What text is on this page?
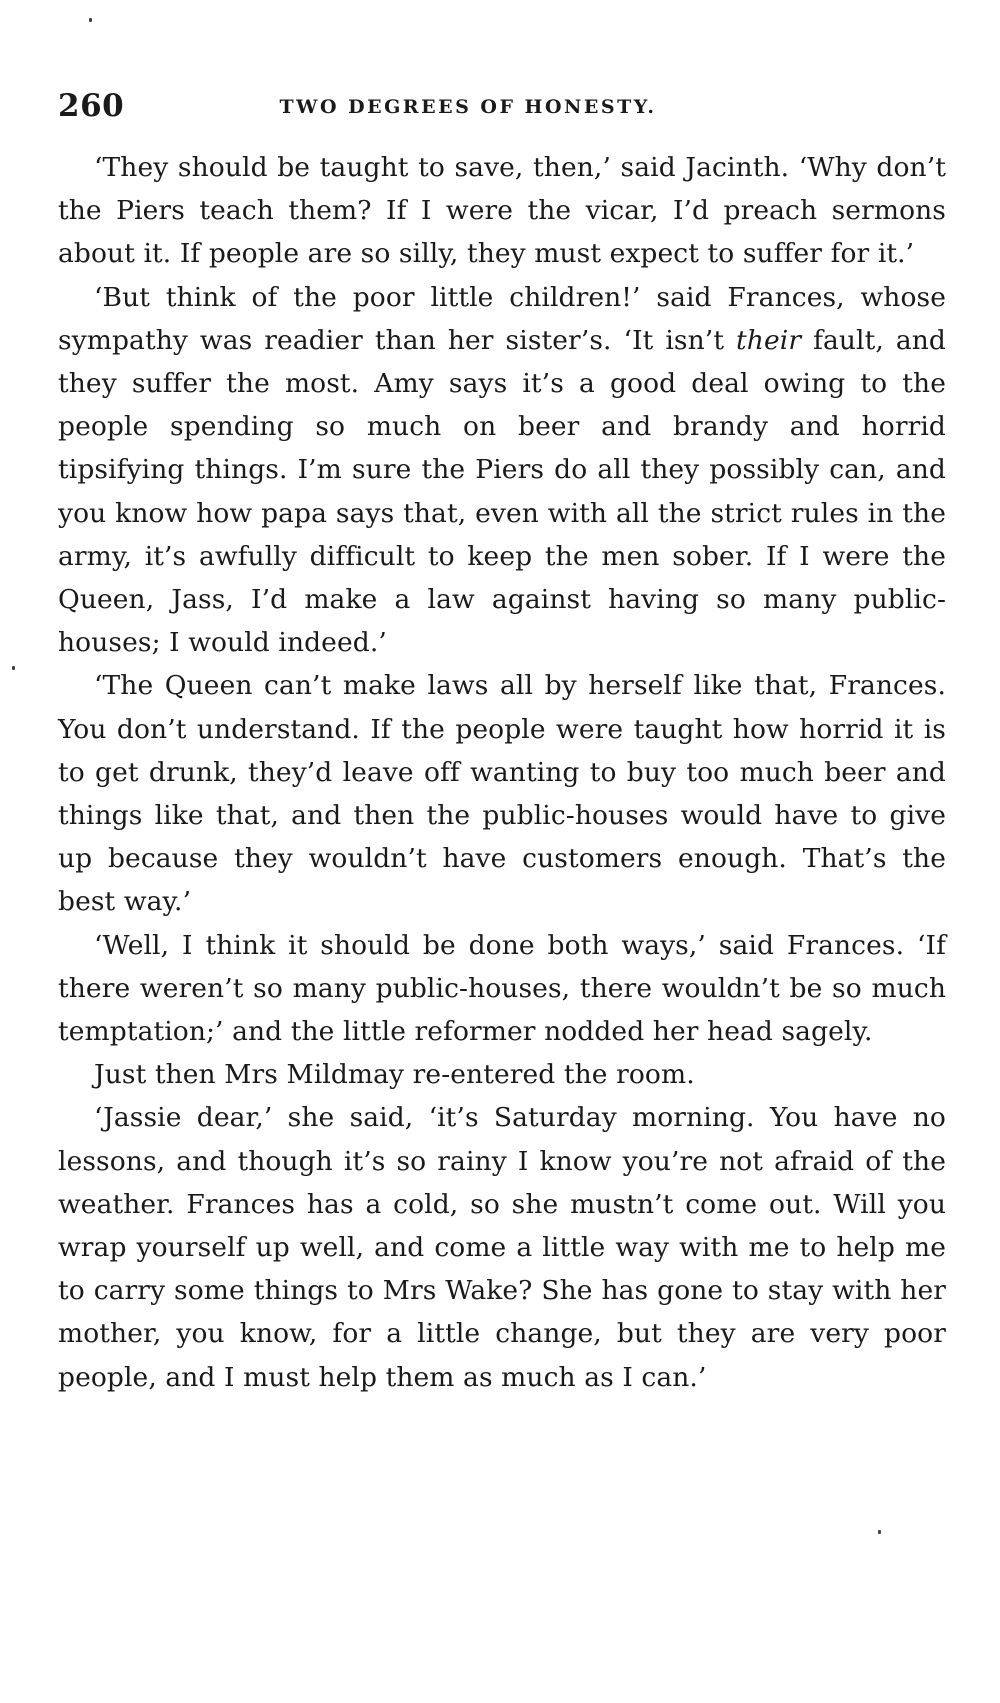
260	TWO DEGREES OF HONESTY.

‘They should be taught to save, then,’ said Jacinth. ‘Why don’t the Piers teach them? If I were the vicar, I’d preach sermons about it. If people are so silly, they must expect to suffer for it.’

‘But think of the poor little children!’ said Frances, whose sympathy was readier than her sister’s. ‘It isn’t their fault, and they suffer the most. Amy says it’s a good deal owing to the people spending so much on beer and brandy and horrid tipsifying things. I’m sure the Piers do all they possibly can, and you know how papa says that, even with all the strict rules in the army, it’s awfully difficult to keep the men sober. If I were the Queen, Jass, I’d make a law against having so many public-houses; I would indeed.’

‘The Queen can’t make laws all by herself like that, Frances. You don’t understand. If the people were taught how horrid it is to get drunk, they’d leave off wanting to buy too much beer and things like that, and then the public-houses would have to give up because they wouldn’t have customers enough. That’s the best way.’

‘Well, I think it should be done both ways,’ said Frances. ‘If there weren’t so many public-houses, there wouldn’t be so much temptation;’ and the little reformer nodded her head sagely.

Just then Mrs Mildmay re-entered the room.

‘Jassie dear,’ she said, ‘it’s Saturday morning. You have no lessons, and though it’s so rainy I know you’re not afraid of the weather. Frances has a cold, so she mustn’t come out. Will you wrap yourself up well, and come a little way with me to help me to carry some things to Mrs Wake? She has gone to stay with her mother, you know, for a little change, but they are very poor people, and I must help them as much as I can.’
